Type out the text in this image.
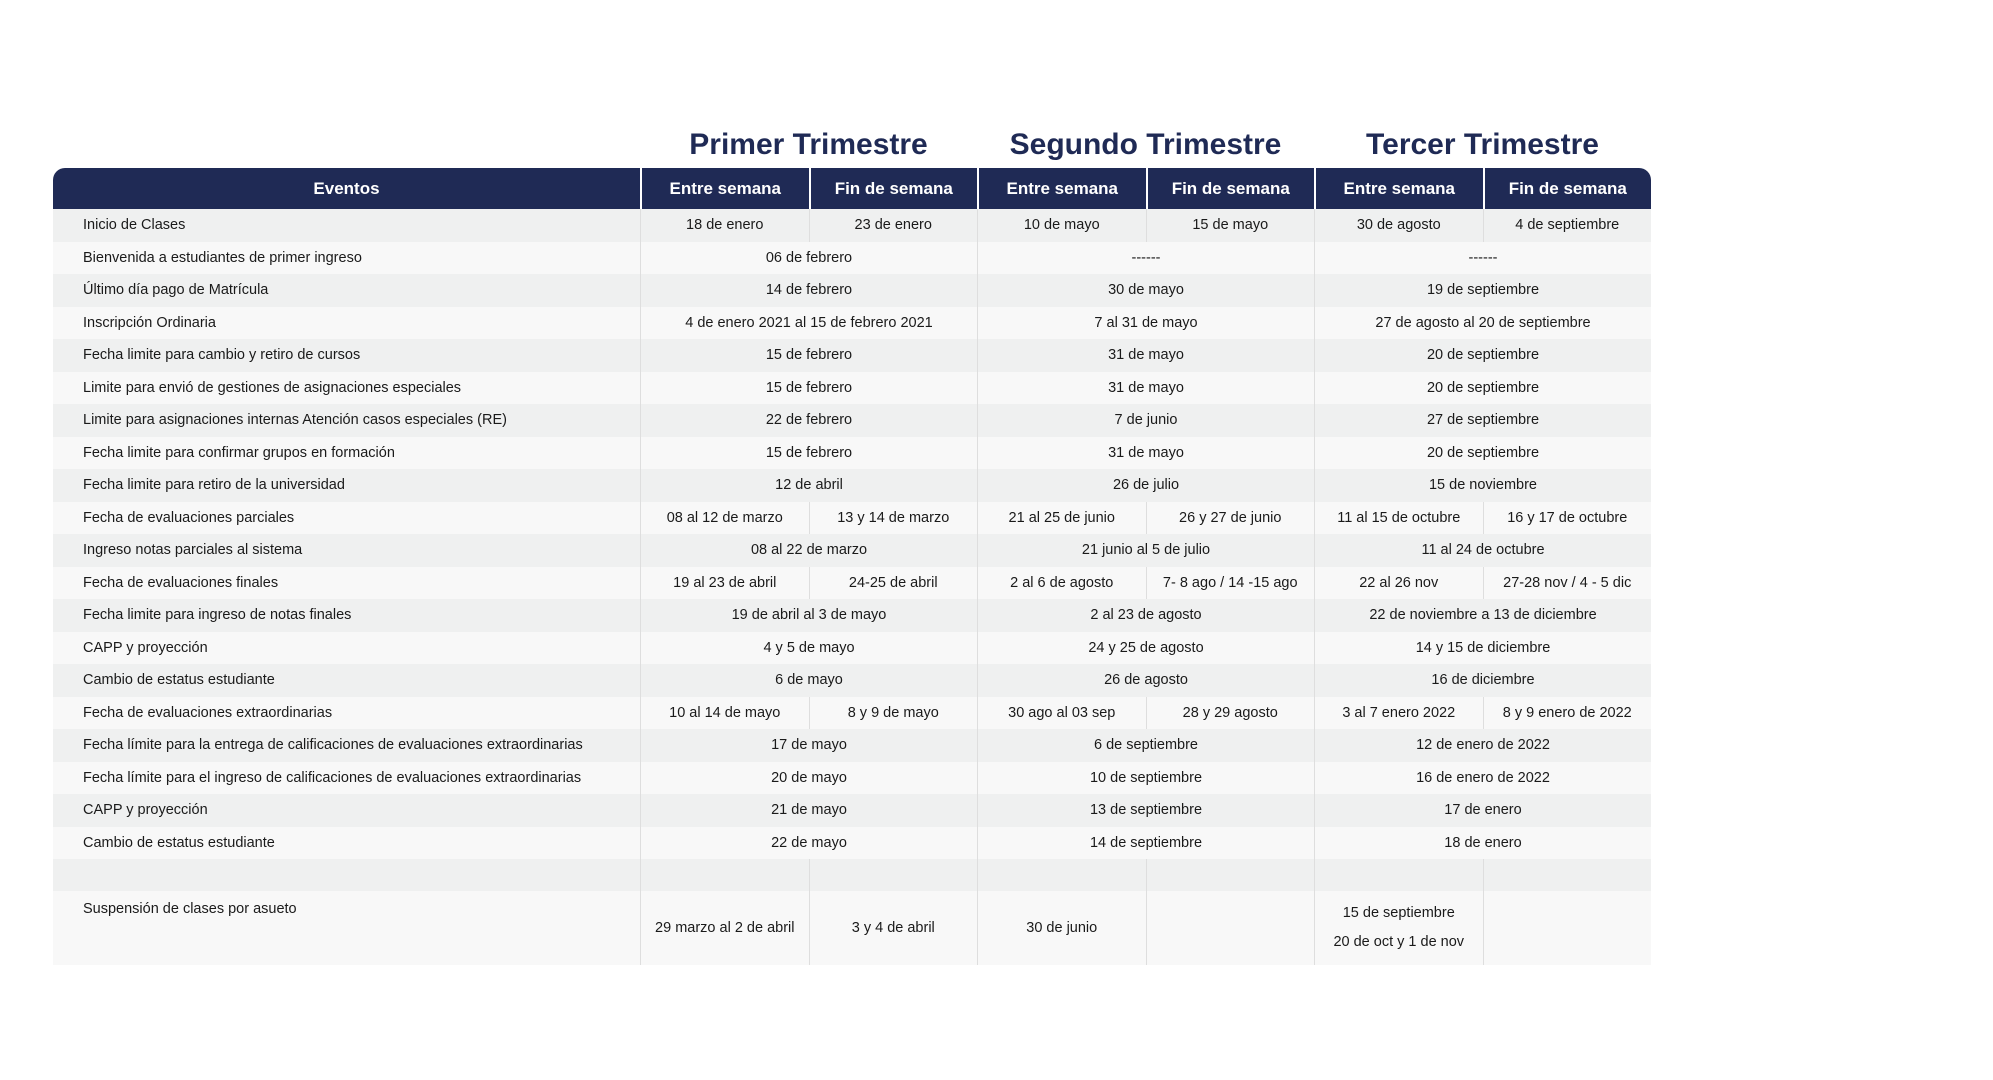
Primer Trimestre	Segundo Trimestre	Tercer Trimestre
Eventos	Entre semana	Fin de semana	Entre semana	Fin de semana	Entre semana	Fin de semana
Inicio de Clases	18 de enero	23 de enero	10 de mayo	15 de mayo	30 de agosto	4 de septiembre
Bienvenida a estudiantes de primer ingreso	06 de febrero		------		------	
Último día pago de Matrícula	14 de febrero		30 de mayo		19 de septiembre	
Inscripción Ordinaria	4 de enero 2021 al 15 de febrero 2021		7 al 31 de mayo		27 de agosto al 20 de septiembre	
Fecha limite para cambio y retiro de cursos	15 de febrero		31 de mayo		20 de septiembre	
Limite para envió de gestiones de asignaciones especiales	15 de febrero		31 de mayo		20 de septiembre	
Limite para asignaciones internas Atención casos especiales (RE)	22 de febrero		7 de junio		27 de septiembre	
Fecha limite para confirmar grupos en formación	15 de febrero		31 de mayo		20 de septiembre	
Fecha limite para retiro de la universidad	12 de abril		26 de julio		15 de noviembre	
Fecha de evaluaciones parciales	08 al 12 de marzo	13 y 14 de marzo	21 al 25 de junio	26 y 27 de junio	11 al 15 de octubre	16 y 17 de octubre
Ingreso notas parciales al sistema	08 al 22 de marzo		21 junio al 5 de julio		11 al 24 de octubre	
Fecha de evaluaciones finales	19 al 23 de abril	24-25 de abril	2 al 6 de agosto	7- 8 ago / 14 -15 ago	22 al 26 nov	27-28 nov / 4 - 5 dic
Fecha limite para ingreso de notas finales	19 de abril al 3 de mayo		2 al 23 de agosto		22 de noviembre a 13 de diciembre	
CAPP y proyección	4 y 5 de mayo		24 y 25 de agosto		14 y 15 de diciembre	
Cambio de estatus estudiante	6 de mayo		26 de agosto		16 de diciembre	
Fecha de evaluaciones extraordinarias	10 al 14 de mayo	8 y 9 de mayo	30 ago al 03 sep	28 y 29 agosto	3 al 7 enero 2022	8 y 9 enero de 2022
Fecha límite para la entrega de calificaciones de evaluaciones extraordinarias	17 de mayo		6 de septiembre		12 de enero de 2022	
Fecha límite para el ingreso de calificaciones de evaluaciones extraordinarias	20 de mayo		10 de septiembre		16 de enero de 2022	
CAPP y proyección	21 de mayo		13 de septiembre		17 de enero	
Cambio de estatus estudiante	22 de mayo		14 de septiembre		18 de enero	

Suspensión de clases por asueto	29 marzo al 2 de abril	3 y 4 de abril	30 de junio		15 de septiembre
20 de oct y 1 de nov	
